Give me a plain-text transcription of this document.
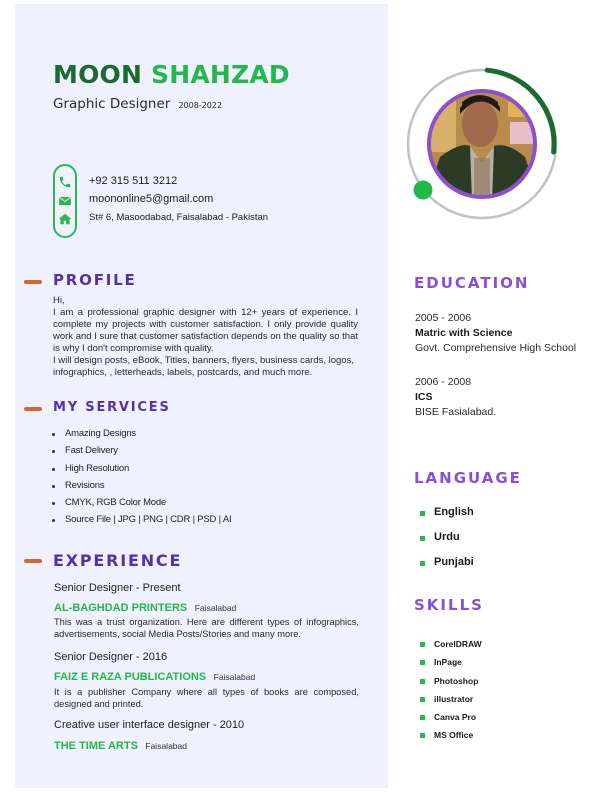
MOON SHAHZAD
Graphic Designer 2008-2022
+92 315 511 3212
moononline5@gmail.com
St# 6, Masoodabad, Faisalabad - Pakistan
PROFILE

Hi,

I am a professional graphic designer with 12+ years of experience. I complete my projects with customer satisfaction. I only provide quality work and I sure that customer satisfaction depends on the quality so that is why I don't compromise with quality.

I will design posts, eBook, Titles, banners, flyers, business cards, logos, infographics, , letterheads, labels, postcards, and much more.

MY SERVICES
Amazing Designs
Fast Delivery
High Resolution
Revisions
CMYK, RGB Color Mode
Source File | JPG | PNG | CDR | PSD | AI
EXPERIENCE
Senior Designer - Present
AL-BAGHDAD PRINTERS Faisalabad
This was a trust organization. Here are different types of infographics, advertisements, social Media Posts/Stories and many more.
Senior Designer - 2016
FAIZ E RAZA PUBLICATIONS Faisalabad
It is a publisher Company where all types of books are composed, designed and printed.
Creative user interface designer - 2010
THE TIME ARTS Faisalabad
EDUCATION
2005 - 2006
Matric with Science
Govt. Comprehensive High School
2006 - 2008
ICS
BISE Fasialabad.
LANGUAGE
English
Urdu
Punjabi
SKILLS
CorelDRAW
InPage
Photoshop
illustrator
Canva Pro
MS Office
